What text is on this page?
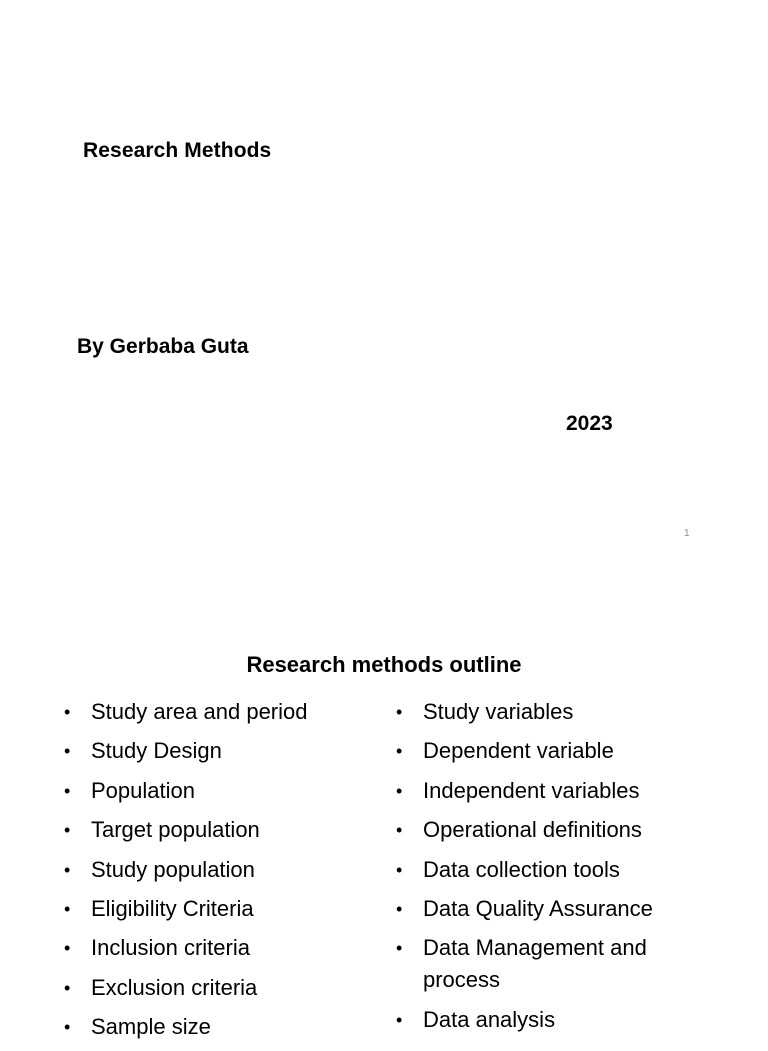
Research Methods
By Gerbaba Guta
2023
1
Research methods outline
• Study area and period
• Study Design
• Population
• Target population
• Study population
• Eligibility Criteria
• Inclusion criteria
• Exclusion criteria
• Sample size
• Study variables
• Dependent variable
• Independent variables
• Operational definitions
• Data collection tools
• Data Quality Assurance
• Data Management and process
• Data analysis
